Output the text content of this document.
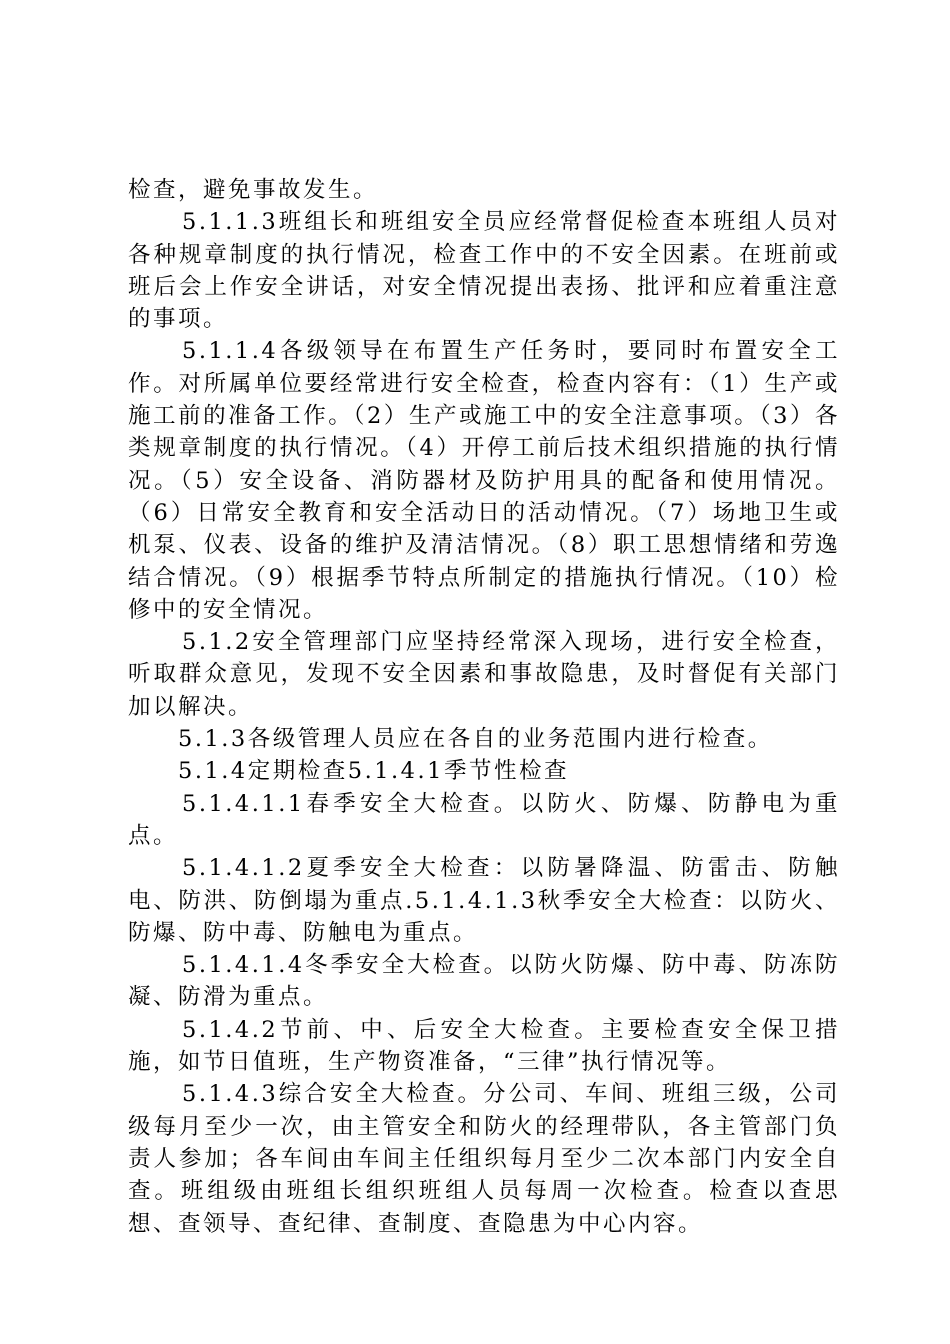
检查，避免事故发生。

5.1.1.3班组长和班组安全员应经常督促检查本班组人员对各种规章制度的执行情况，检查工作中的不安全因素。在班前或班后会上作安全讲话，对安全情况提出表扬、批评和应着重注意的事项。

5.1.1.4各级领导在布置生产任务时，要同时布置安全工作。对所属单位要经常进行安全检查，检查内容有：（1）生产或施工前的准备工作。（2）生产或施工中的安全注意事项。（3）各类规章制度的执行情况。（4）开停工前后技术组织措施的执行情况。（5）安全设备、消防器材及防护用具的配备和使用情况。（6）日常安全教育和安全活动日的活动情况。（7）场地卫生或机泵、仪表、设备的维护及清洁情况。（8）职工思想情绪和劳逸结合情况。（9）根据季节特点所制定的措施执行情况。（10）检修中的安全情况。

5.1.2安全管理部门应坚持经常深入现场，进行安全检查，听取群众意见，发现不安全因素和事故隐患，及时督促有关部门加以解决。

5.1.3各级管理人员应在各自的业务范围内进行检查。

5.1.4定期检查5.1.4.1季节性检查

5.1.4.1.1春季安全大检查。以防火、防爆、防静电为重点。

5.1.4.1.2夏季安全大检查：以防暑降温、防雷击、防触电、防洪、防倒塌为重点.5.1.4.1.3秋季安全大检查：以防火、防爆、防中毒、防触电为重点。

5.1.4.1.4冬季安全大检查。以防火防爆、防中毒、防冻防凝、防滑为重点。

5.1.4.2节前、中、后安全大检查。主要检查安全保卫措施，如节日值班，生产物资准备，“三律”执行情况等。

5.1.4.3综合安全大检查。分公司、车间、班组三级，公司级每月至少一次，由主管安全和防火的经理带队，各主管部门负责人参加；各车间由车间主任组织每月至少二次本部门内安全自查。班组级由班组长组织班组人员每周一次检查。检查以查思想、查领导、查纪律、查制度、查隐患为中心内容。
